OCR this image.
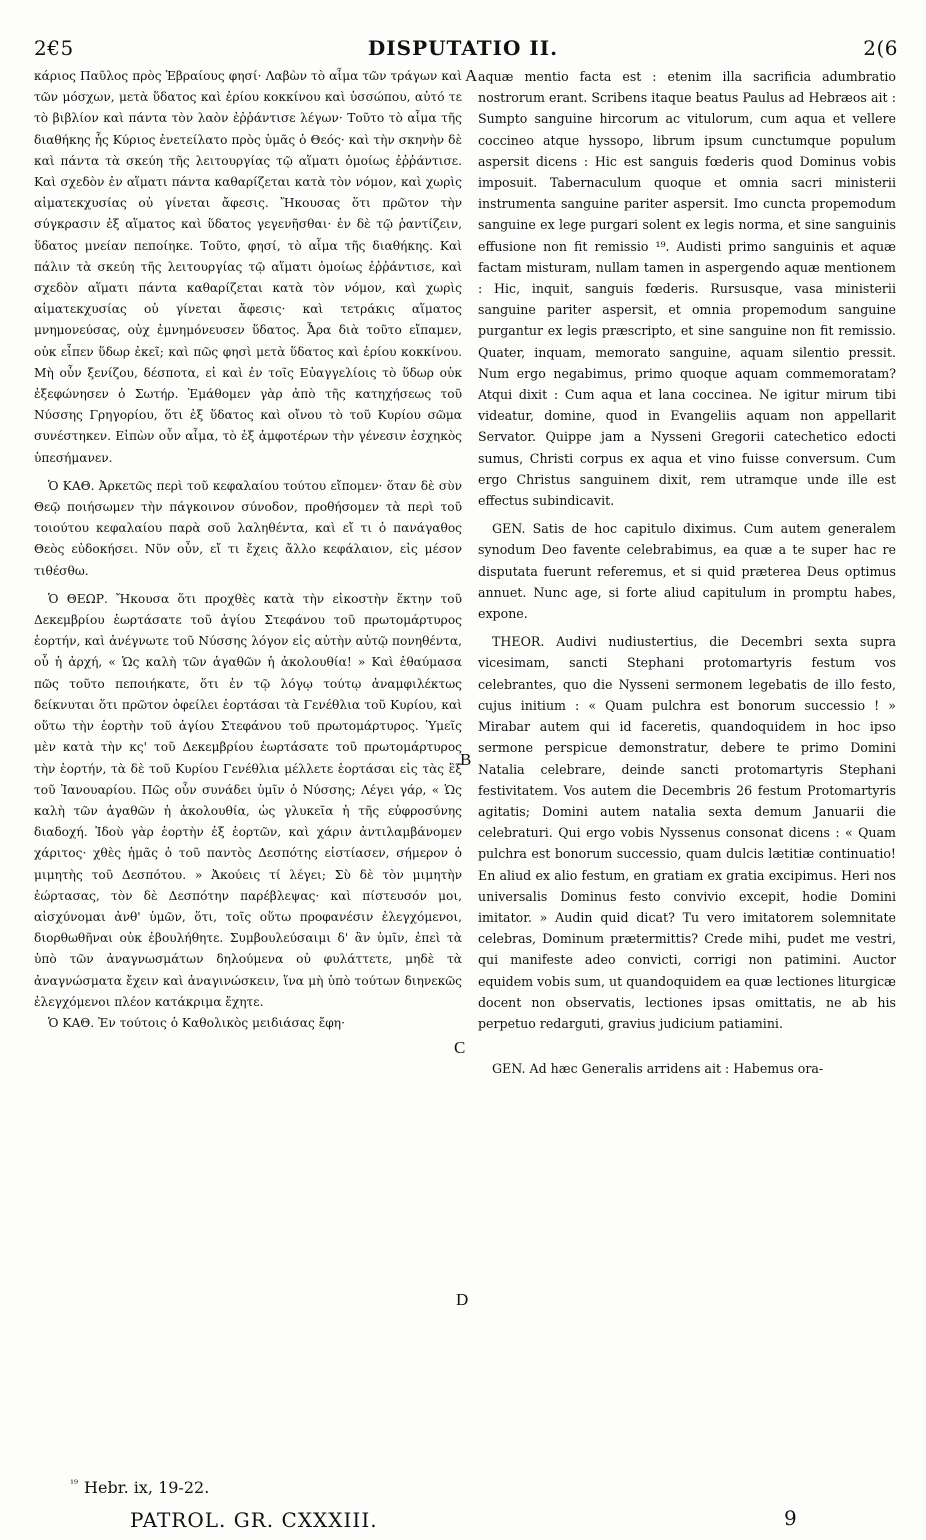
2€5	DISPUTATIO II.	2(6

κάριος Παῦλος πρὸς Ἑβραίους φησί· Λαβὼν τὸ αἷμα τῶν τράγων καὶ τῶν μόσχων, μετὰ ὕδατος καὶ ἐρίου κοκκίνου καὶ ὑσσώπου, αὐτό τε τὸ βιβλίον καὶ πάντα τὸν λαὸν ἐῤῥάντισε λέγων· Τοῦτο τὸ αἷμα τῆς διαθήκης ἧς Κύριος ἐνετείλατο πρὸς ὑμᾶς ὁ Θεός· καὶ τὴν σκηνὴν δὲ καὶ πάντα τὰ σκεύη τῆς λειτουργίας τῷ αἵματι ὁμοίως ἐῤῥάντισε. Καὶ σχεδὸν ἐν αἵματι πάντα καθαρίζεται κατὰ τὸν νόμον, καὶ χωρὶς αἱματεκχυσίας οὐ γίνεται ἄφεσις. Ἤκουσας ὅτι πρῶτον τὴν σύγκρασιν ἐξ αἵματος καὶ ὕδατος γεγενῆσθαι· ἐν δὲ τῷ ῥαντίζειν, ὕδατος μνείαν πεποίηκε. Τοῦτο, φησί, τὸ αἷμα τῆς διαθήκης. Καὶ πάλιν τὰ σκεύη τῆς λειτουργίας τῷ αἵματι ὁμοίως ἐῤῥάντισε, καὶ σχεδὸν αἵματι πάντα καθαρίζεται κατὰ τὸν νόμον, καὶ χωρὶς αἱματεκχυσίας οὐ γίνεται ἄφεσις· καὶ τετράκις αἵματος μνημονεύσας, οὐχ ἐμνημόνευσεν ὕδατος. Ἆρα διὰ τοῦτο εἴπαμεν, οὐκ εἶπεν ὕδωρ ἐκεῖ; καὶ πῶς φησὶ μετὰ ὕδατος καὶ ἐρίου κοκκίνου. Μὴ οὖν ξενίζου, δέσποτα, εἰ καὶ ἐν τοῖς Εὐαγγελίοις τὸ ὕδωρ οὐκ ἐξεφώνησεν ὁ Σωτήρ. Ἐμάθομεν γὰρ ἀπὸ τῆς κατηχήσεως τοῦ Νύσσης Γρηγορίου, ὅτι ἐξ ὕδατος καὶ οἴνου τὸ τοῦ Κυρίου σῶμα συνέστηκεν. Εἰπὼν οὖν αἷμα, τὸ ἐξ ἀμφοτέρων τὴν γένεσιν ἐσχηκὸς ὑπεσήμανεν.

Ὁ ΚΑΘ. Ἀρκετῶς περὶ τοῦ κεφαλαίου τούτου εἴπομεν· ὅταν δὲ σὺν Θεῷ ποιήσωμεν τὴν πάγκοινον σύνοδον, προθήσομεν τὰ περὶ τοῦ τοιούτου κεφαλαίου παρὰ σοῦ λαληθέντα, καὶ εἴ τι ὁ πανάγαθος Θεὸς εὐδοκήσει. Νῦν οὖν, εἴ τι ἔχεις ἄλλο κεφάλαιον, εἰς μέσον τιθέσθω.

Ὁ ΘΕΩΡ. Ἤκουσα ὅτι προχθὲς κατὰ τὴν εἰκοστὴν ἕκτην τοῦ Δεκεμβρίου ἑωρτάσατε τοῦ ἁγίου Στεφάνου τοῦ πρωτομάρτυρος ἑορτήν, καὶ ἀνέγνωτε τοῦ Νύσσης λόγον εἰς αὐτὴν αὐτῷ πονηθέντα, οὗ ἡ ἀρχή, « Ὡς καλὴ τῶν ἀγαθῶν ἡ ἀκολουθία! » Καὶ ἐθαύμασα πῶς τοῦτο πεποιήκατε, ὅτι ἐν τῷ λόγῳ τούτῳ ἀναμφιλέκτως δείκνυται ὅτι πρῶτον ὀφείλει ἑορτάσαι τὰ Γενέθλια τοῦ Κυρίου, καὶ οὕτω τὴν ἑορτὴν τοῦ ἁγίου Στεφάνου τοῦ πρωτομάρτυρος. Ὑμεῖς μὲν κατὰ τὴν κς' τοῦ Δεκεμβρίου ἑωρτάσατε τοῦ πρωτομάρτυρος τὴν ἑορτήν, τὰ δὲ τοῦ Κυρίου Γενέθλια μέλλετε ἑορτάσαι εἰς τὰς ἓξ τοῦ Ἰανουαρίου. Πῶς οὖν συνάδει ὑμῖν ὁ Νύσσης; Λέγει γάρ, « Ὡς καλὴ τῶν ἀγαθῶν ἡ ἀκολουθία, ὡς γλυκεῖα ἡ τῆς εὐφροσύνης διαδοχή. Ἰδοὺ γὰρ ἑορτὴν ἐξ ἑορτῶν, καὶ χάριν ἀντιλαμβάνομεν χάριτος· χθὲς ἡμᾶς ὁ τοῦ παντὸς Δεσπότης εἱστίασεν, σήμερον ὁ μιμητὴς τοῦ Δεσπότου. » Ἀκούεις τί λέγει; Σὺ δὲ τὸν μιμητὴν ἑώρτασας, τὸν δὲ Δεσπότην παρέβλεψας· καὶ πίστευσόν μοι, αἰσχύνομαι ἀνθ' ὑμῶν, ὅτι, τοῖς οὕτω προφανέσιν ἐλεγχόμενοι, διορθωθῆναι οὐκ ἐβουλήθητε. Συμβουλεύσαιμι δ' ἂν ὑμῖν, ἐπεὶ τὰ ὑπὸ τῶν ἀναγνωσμάτων δηλούμενα οὐ φυλάττετε, μηδὲ τὰ ἀναγνώσματα ἔχειν καὶ ἀναγινώσκειν, ἵνα μὴ ὑπὸ τούτων διηνεκῶς ἐλεγχόμενοι πλέον κατάκριμα ἔχητε.

Ὁ ΚΑΘ. Ἐν τούτοις ὁ Καθολικὸς μειδιάσας ἔφη·

A
B
C
D

aquæ mentio facta est : etenim illa sacrificia adumbratio nostrorum erant. Scribens itaque beatus Paulus ad Hebræos ait : Sumpto sanguine hircorum ac vitulorum, cum aqua et vellere coccineo atque hyssopo, librum ipsum cunctumque populum aspersit dicens : Hic est sanguis fœderis quod Dominus vobis imposuit. Tabernaculum quoque et omnia sacri ministerii instrumenta sanguine pariter aspersit. Imo cuncta propemodum sanguine ex lege purgari solent ex legis norma, et sine sanguinis effusione non fit remissio ¹⁹. Audisti primo sanguinis et aquæ factam misturam, nullam tamen in aspergendo aquæ mentionem : Hic, inquit, sanguis fœderis. Rursusque, vasa ministerii sanguine pariter aspersit, et omnia propemodum sanguine purgantur ex legis præscripto, et sine sanguine non fit remissio. Quater, inquam, memorato sanguine, aquam silentio pressit. Num ergo negabimus, primo quoque aquam commemoratam? Atqui dixit : Cum aqua et lana coccinea. Ne igitur mirum tibi videatur, domine, quod in Evangeliis aquam non appellarit Servator. Quippe jam a Nysseni Gregorii catechetico edocti sumus, Christi corpus ex aqua et vino fuisse conversum. Cum ergo Christus sanguinem dixit, rem utramque unde ille est effectus subindicavit.

GEN. Satis de hoc capitulo diximus. Cum autem generalem synodum Deo favente celebrabimus, ea quæ a te super hac re disputata fuerunt referemus, et si quid præterea Deus optimus annuet. Nunc age, si forte aliud capitulum in promptu habes, expone.

THEOR. Audivi nudiustertius, die Decembri sexta supra vicesimam, sancti Stephani protomartyris festum vos celebrantes, quo die Nysseni sermonem legebatis de illo festo, cujus initium : « Quam pulchra est bonorum successio ! » Mirabar autem qui id faceretis, quandoquidem in hoc ipso sermone perspicue demonstratur, debere te primo Domini Natalia celebrare, deinde sancti protomartyris Stephani festivitatem. Vos autem die Decembris 26 festum Protomartyris agitatis; Domini autem natalia sexta demum Januarii die celebraturi. Qui ergo vobis Nyssenus consonat dicens : « Quam pulchra est bonorum successio, quam dulcis lætitiæ continuatio! En aliud ex alio festum, en gratiam ex gratia excipimus. Heri nos universalis Dominus festo convivio excepit, hodie Domini imitator. » Audin quid dicat? Tu vero imitatorem solemnitate celebras, Dominum prætermittis? Crede mihi, pudet me vestri, qui manifeste adeo convicti, corrigi non patimini. Auctor equidem vobis sum, ut quandoquidem ea quæ lectiones liturgicæ docent non observatis, lectiones ipsas omittatis, ne ab his perpetuo redarguti, gravius judicium patiamini.

GEN. Ad hæc Generalis arridens ait : Habemus ora-

$^{^{19}}$ Hebr. ix, 19-22.
PATROL. GR. CXXXIII.	9
